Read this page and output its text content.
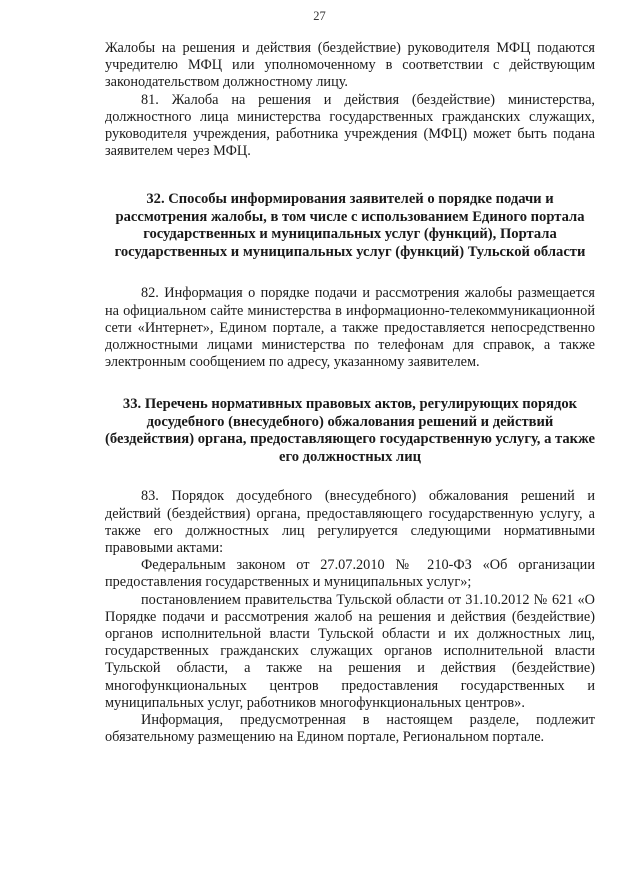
27

Жалобы на решения и действия (бездействие) руководителя МФЦ подаются учредителю МФЦ или уполномоченному в соответствии с действующим законодательством должностному лицу.

81. Жалоба на решения и действия (бездействие) министерства, должностного лица министерства государственных гражданских служащих, руководителя учреждения, работника учреждения (МФЦ) может быть подана заявителем через МФЦ.

32. Способы информирования заявителей о порядке подачи и рассмотрения жалобы, в том числе с использованием Единого портала государственных и муниципальных услуг (функций), Портала государственных и муниципальных услуг (функций) Тульской области

82. Информация о порядке подачи и рассмотрения жалобы размещается на официальном сайте министерства в информационно-телекоммуникационной сети «Интернет», Едином портале, а также предоставляется непосредственно должностными лицами министерства по телефонам для справок, а также электронным сообщением по адресу, указанному заявителем.

33. Перечень нормативных правовых актов, регулирующих порядок досудебного (внесудебного) обжалования решений и действий (бездействия) органа, предоставляющего государственную услугу, а также его должностных лиц

83. Порядок досудебного (внесудебного) обжалования решений и действий (бездействия) органа, предоставляющего государственную услугу, а также его должностных лиц регулируется следующими нормативными правовыми актами:

Федеральным законом от 27.07.2010 № 210-ФЗ «Об организации предоставления государственных и муниципальных услуг»;

постановлением правительства Тульской области от 31.10.2012 № 621 «О Порядке подачи и рассмотрения жалоб на решения и действия (бездействие) органов исполнительной власти Тульской области и их должностных лиц, государственных гражданских служащих органов исполнительной власти Тульской области, а также на решения и действия (бездействие) многофункциональных центров предоставления государственных и муниципальных услуг, работников многофункциональных центров».

Информация, предусмотренная в настоящем разделе, подлежит обязательному размещению на Едином портале, Региональном портале.
